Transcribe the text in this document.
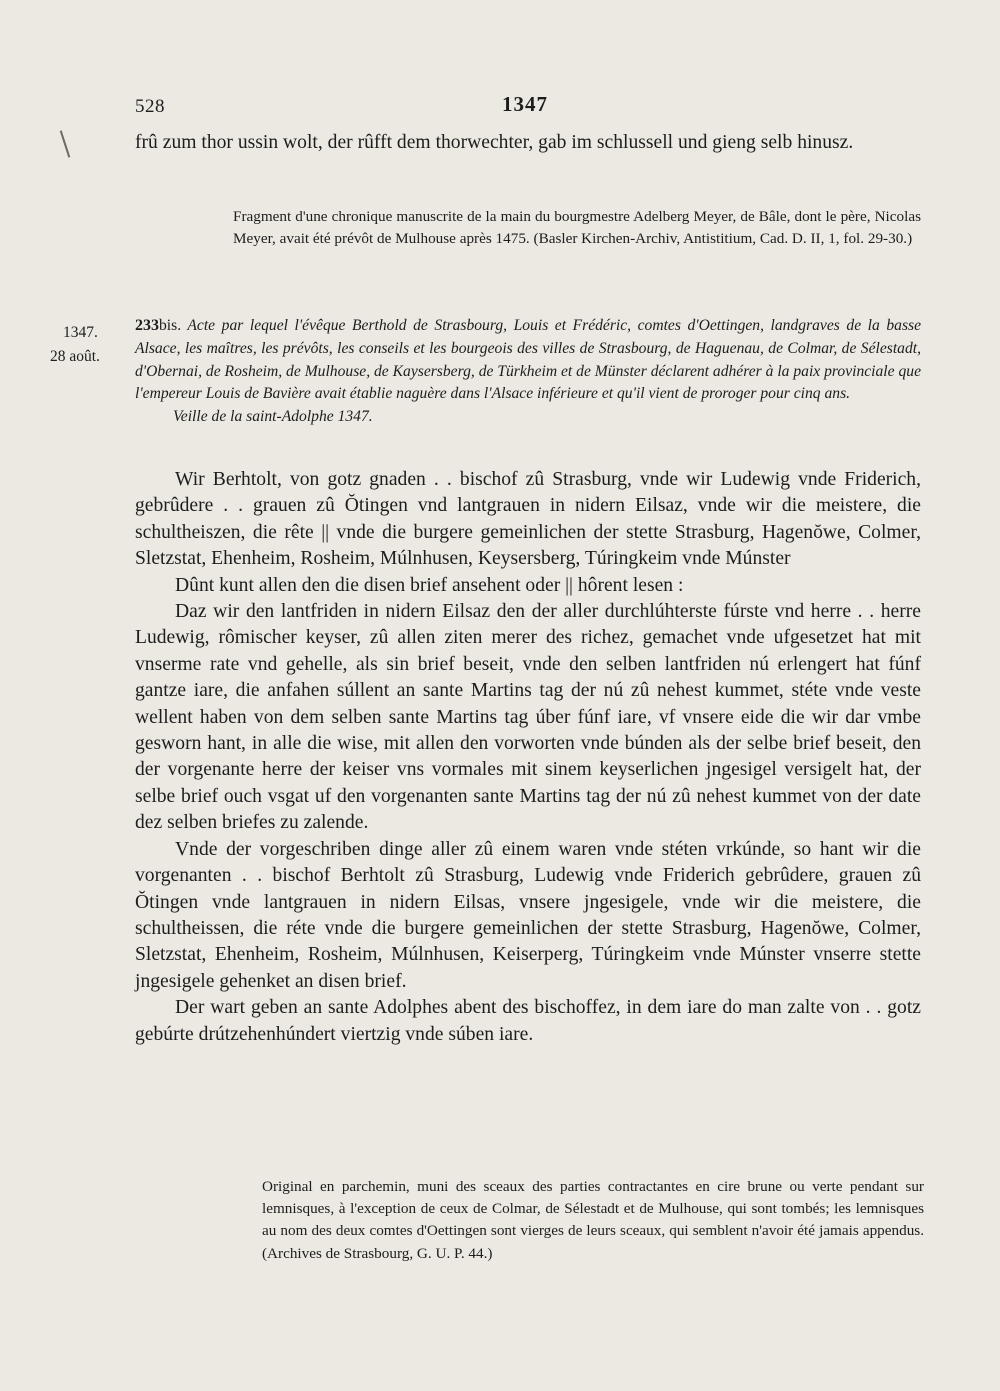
528	1347

frû zum thor ussin wolt, der rûfft dem thorwechter, gab im schlussell und gieng selb hinusz.

Fragment d'une chronique manuscrite de la main du bourgmestre Adelberg Meyer, de Bâle, dont le père, Nicolas Meyer, avait été prévôt de Mulhouse après 1475. (Basler Kirchen-Archiv, Antistitium, Cad. D. II, 1, fol. 29-30.)
1347.
28 août.
233bis. Acte par lequel l'évêque Berthold de Strasbourg, Louis et Frédéric, comtes d'Oettingen, landgraves de la basse Alsace, les maîtres, les prévôts, les conseils et les bourgeois des villes de Strasbourg, de Haguenau, de Colmar, de Sélestadt, d'Obernai, de Rosheim, de Mulhouse, de Kaysersberg, de Türkheim et de Münster déclarent adhérer à la paix provinciale que l'empereur Louis de Bavière avait établie naguère dans l'Alsace inférieure et qu'il vient de proroger pour cinq ans.
Veille de la saint-Adolphe 1347.

Wir Berhtolt, von gotz gnaden . . bischof zû Strasburg, vnde wir Ludewig vnde Friderich, gebrûdere . . grauen zû Ŏtingen vnd lantgrauen in nidern Eilsaz, vnde wir die meistere, die schultheiszen, die rête || vnde die burgere gemeinlichen der stette Strasburg, Hagenŏwe, Colmer, Sletzstat, Ehenheim, Rosheim, Múlnhusen, Keysersberg, Túringkeim vnde Múnster

Dûnt kunt allen den die disen brief ansehent oder || hôrent lesen :

Daz wir den lantfriden in nidern Eilsaz den der aller durchlúhterste fúrste vnd herre . . herre Ludewig, rômischer keyser, zû allen ziten merer des richez, gemachet vnde ufgesetzet hat mit vnserme rate vnd gehelle, als sin brief beseit, vnde den selben lantfriden nú erlengert hat fúnf gantze iare, die anfahen súllent an sante Martins tag der nú zû nehest kummet, stéte vnde veste wellent haben von dem selben sante Martins tag úber fúnf iare, vf vnsere eide die wir dar vmbe gesworn hant, in alle die wise, mit allen den vorworten vnde búnden als der selbe brief beseit, den der vorgenante herre der keiser vns vormales mit sinem keyserlichen jngesigel versigelt hat, der selbe brief ouch vsgat uf den vorgenanten sante Martins tag der nú zû nehest kummet von der date dez selben briefes zu zalende.

Vnde der vorgeschriben dinge aller zû einem waren vnde stéten vrkúnde, so hant wir die vorgenanten . . bischof Berhtolt zû Strasburg, Ludewig vnde Friderich gebrûdere, grauen zû Ŏtingen vnde lantgrauen in nidern Eilsas, vnsere jngesigele, vnde wir die meistere, die schultheissen, die réte vnde die burgere gemeinlichen der stette Strasburg, Hagenŏwe, Colmer, Sletzstat, Ehenheim, Rosheim, Múlnhusen, Keiserperg, Túringkeim vnde Múnster vnserre stette jngesigele gehenket an disen brief.

Der wart geben an sante Adolphes abent des bischoffez, in dem iare do man zalte von . . gotz gebúrte drútzehenhúndert viertzig vnde súben iare.

Original en parchemin, muni des sceaux des parties contractantes en cire brune ou verte pendant sur lemnisques, à l'exception de ceux de Colmar, de Sélestadt et de Mulhouse, qui sont tombés; les lemnisques au nom des deux comtes d'Oettingen sont vierges de leurs sceaux, qui semblent n'avoir été jamais appendus. (Archives de Strasbourg, G. U. P. 44.)
